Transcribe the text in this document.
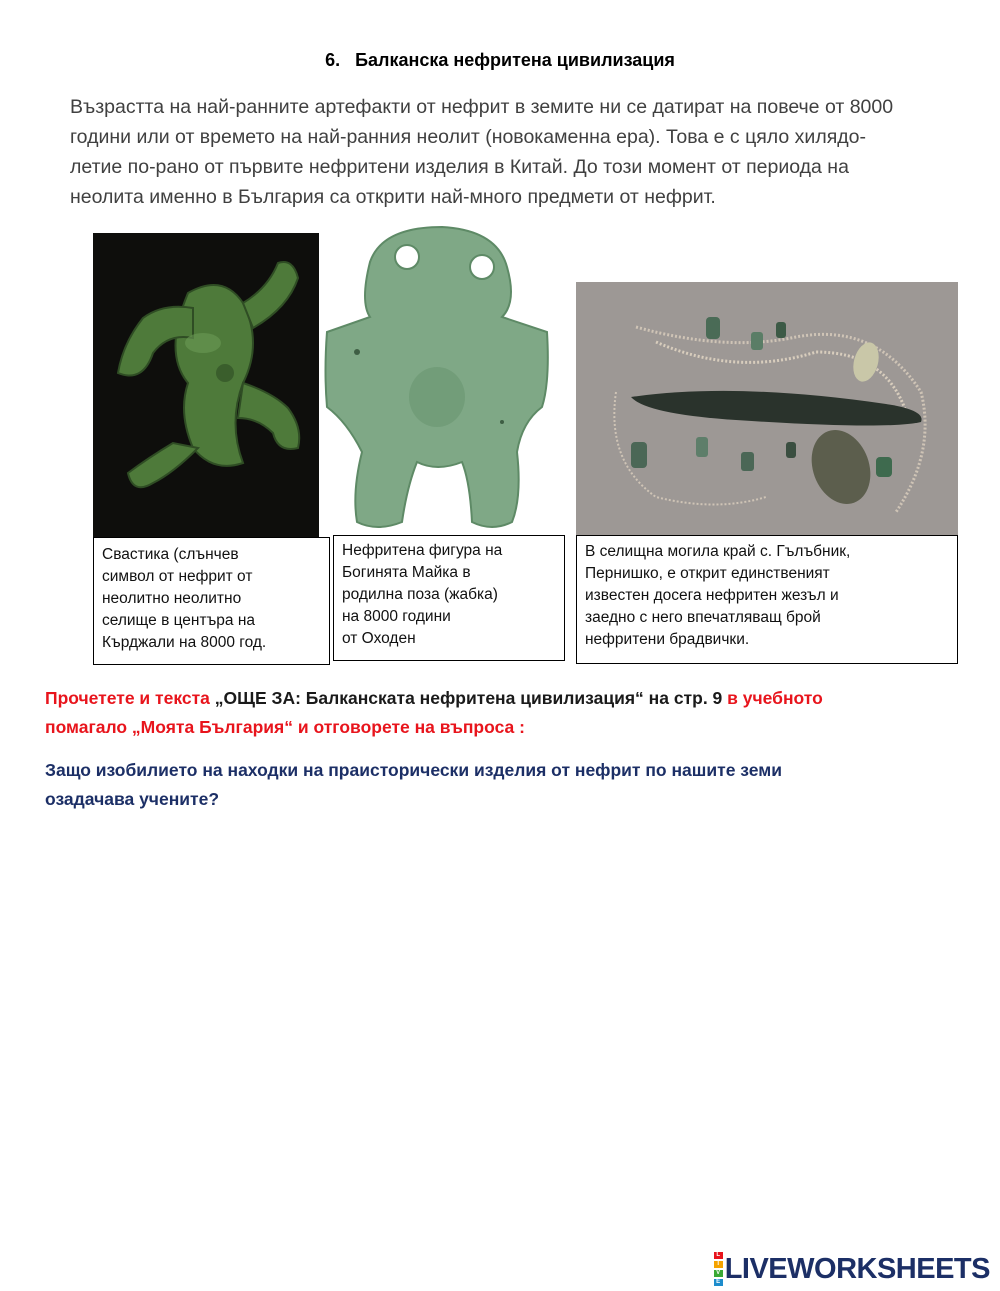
6. Балканска нефритена цивилизация
Възрастта на най-ранните артефакти от нефрит в земите ни се датират на повече от 8000
години или от времето на най-ранния неолит (новокаменна ера). Това е с цяло хилядо-
летие по-рано от първите нефритени изделия в Китай. До този момент от периода на
неолита именно в България са открити най-много предмети от нефрит.
Свастика (слънчев
символ от нефрит от
неолитно неолитно
селище в центъра на
Кърджали на 8000 год.
Нефритена фигура на
Богинята Майка в
родилна поза (жабка)
на 8000 години
от Оходен
В селищна могила край с. Гълъбник,
Пернишко, е открит единственият
известен досега нефритен жезъл и
заедно с него впечатляващ брой
нефритени брадвички.
Прочетете и текста „ОЩЕ ЗА: Балканската нефритена цивилизация“ на стр. 9 в учебното
помагало „Моята България“ и отговорете на въпроса :
Защо изобилието на находки на праисторически изделия от нефрит по нашите земи
озадачава учените?
L
I
V
E LIVEWORKSHEETS
